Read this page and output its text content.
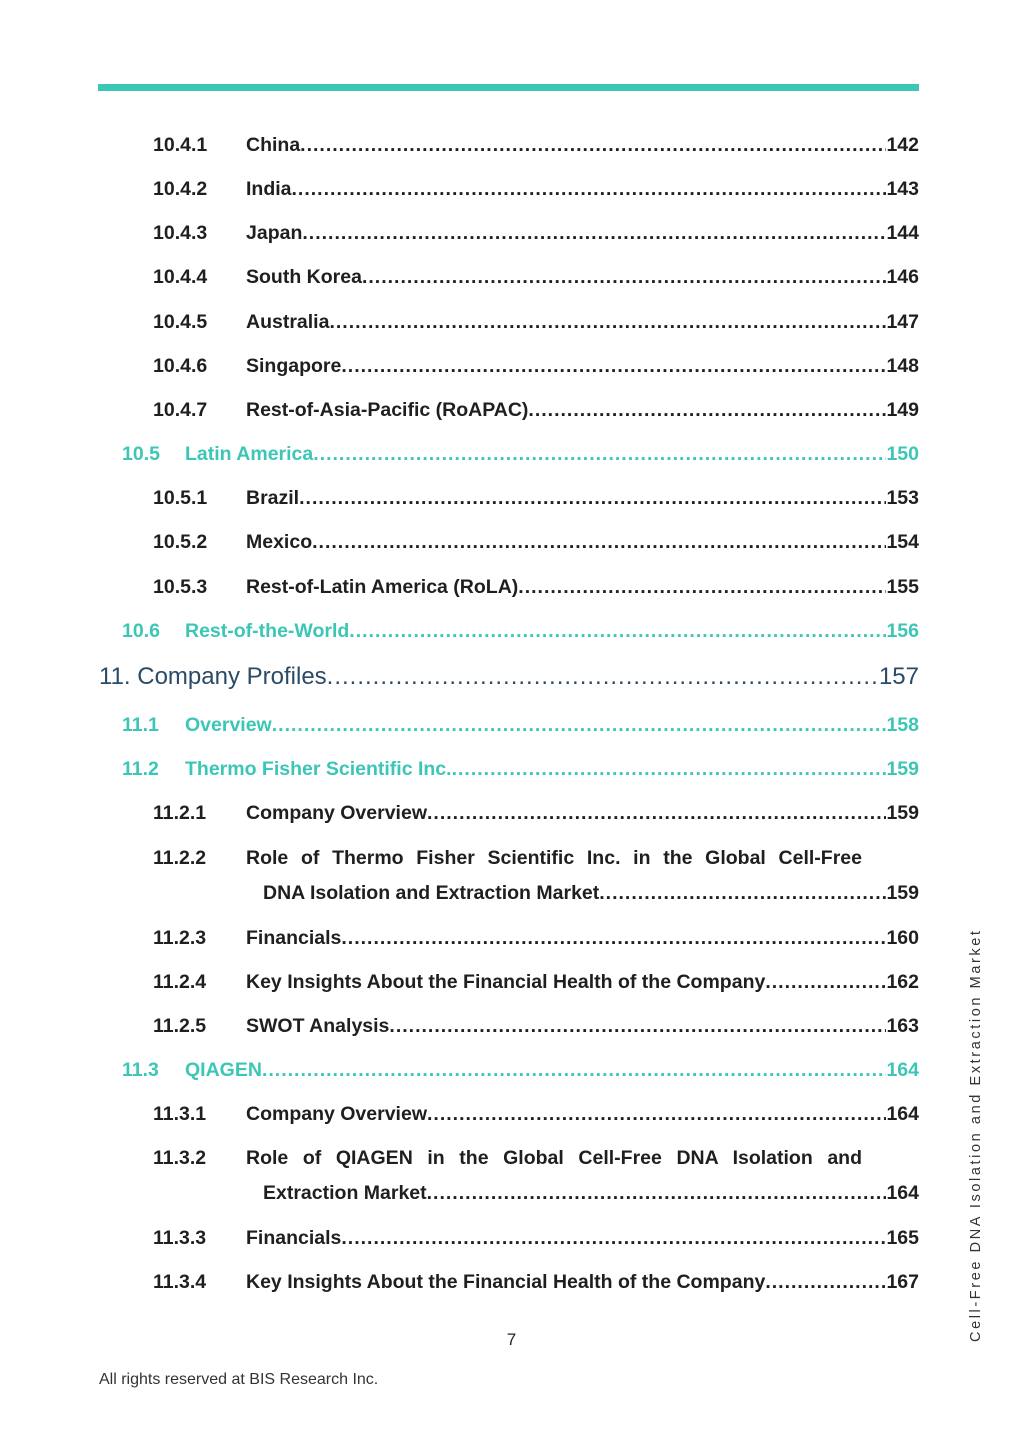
10.4.1 China .....	142
10.4.2 India .....	143
10.4.3 Japan .....	144
10.4.4 South Korea .....	146
10.4.5 Australia .....	147
10.4.6 Singapore .....	148
10.4.7 Rest-of-Asia-Pacific (RoAPAC) .....	149
10.5 Latin America .....	150
10.5.1 Brazil .....	153
10.5.2 Mexico .....	154
10.5.3 Rest-of-Latin America (RoLA) .....	155
10.6 Rest-of-the-World .....	156
11. Company Profiles .....	157
11.1 Overview .....	158
11.2 Thermo Fisher Scientific Inc. .....	159
11.2.1 Company Overview .....	159
11.2.2 Role of Thermo Fisher Scientific Inc. in the Global Cell-Free
DNA Isolation and Extraction Market .....	159
11.2.3 Financials .....	160
11.2.4 Key Insights About the Financial Health of the Company .....	162
11.2.5 SWOT Analysis .....	163
11.3 QIAGEN .....	164
11.3.1 Company Overview .....	164
11.3.2 Role of QIAGEN in the Global Cell-Free DNA Isolation and
Extraction Market .....	164
11.3.3 Financials .....	165
11.3.4 Key Insights About the Financial Health of the Company .....	167
7
All rights reserved at BIS Research Inc.
Cell-Free DNA Isolation and Extraction Market
